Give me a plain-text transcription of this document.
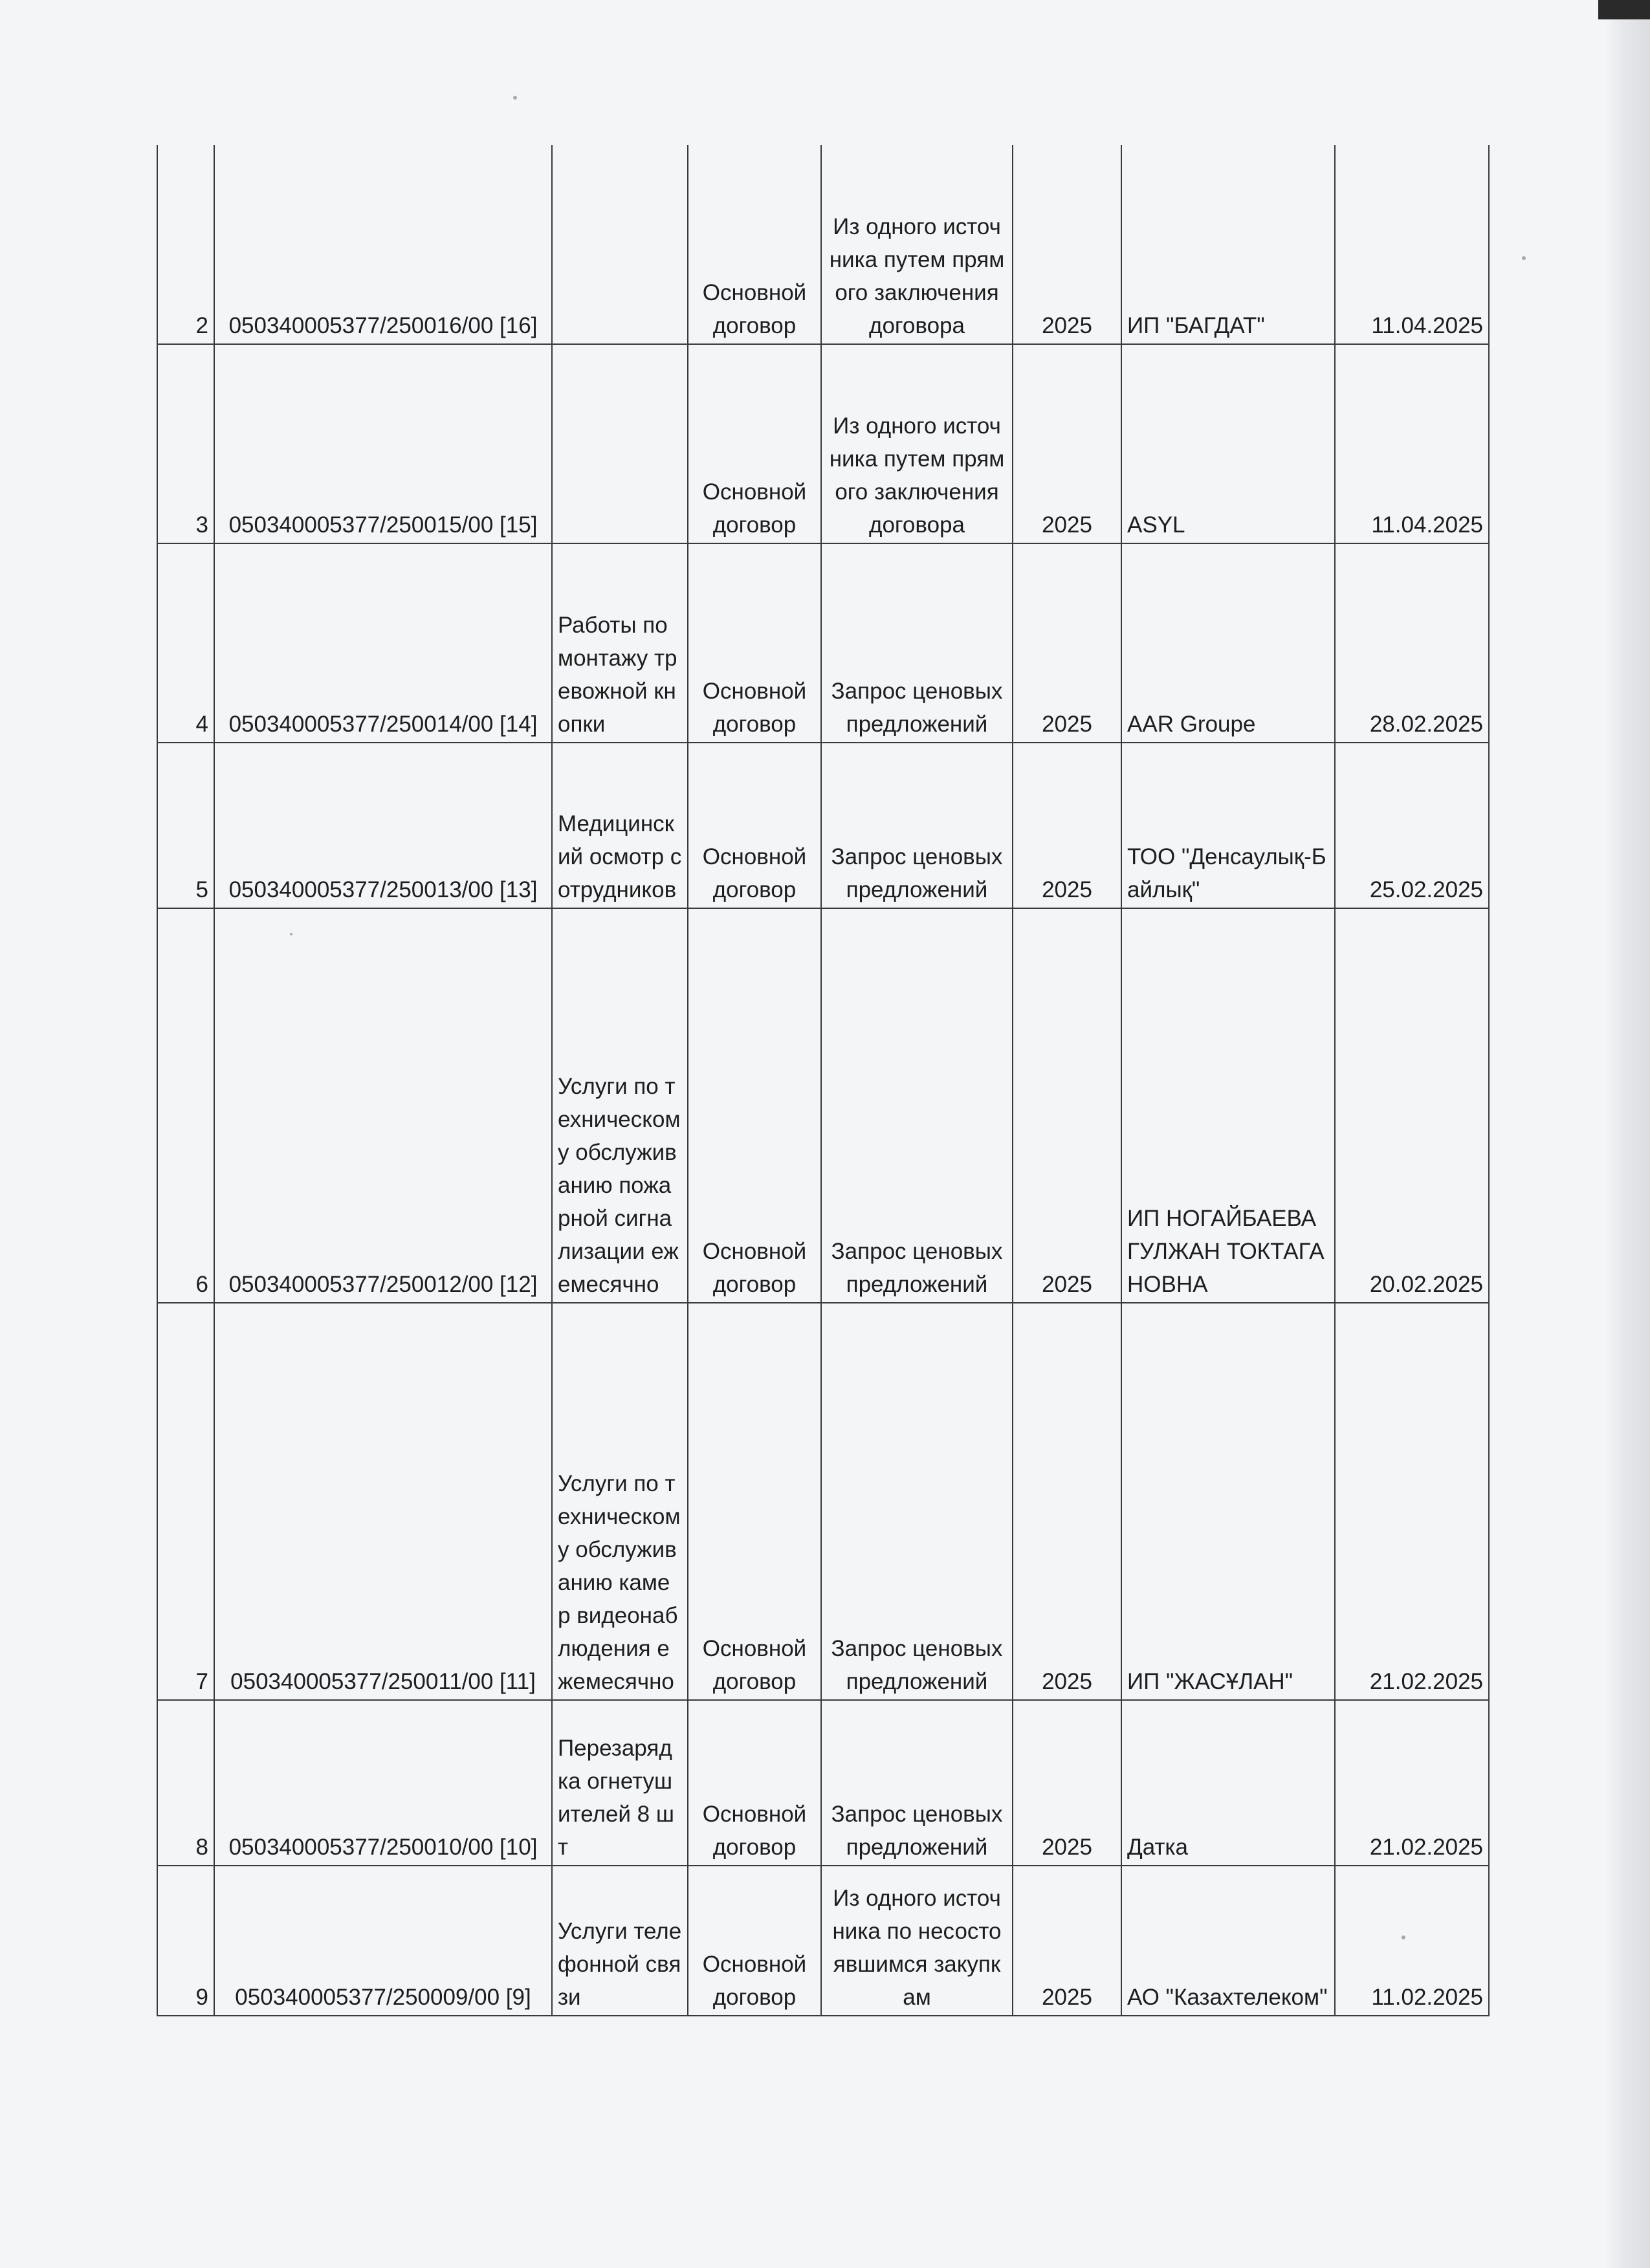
2	050340005377/250016/00 [16]		Основной договор	Из одного источника путем прямого заключения договора	2025	ИП "БАГДАТ"	11.04.2025
3	050340005377/250015/00 [15]		Основной договор	Из одного источника путем прямого заключения договора	2025	ASYL	11.04.2025
4	050340005377/250014/00 [14]	Работы по монтажу тревожной кнопки	Основной договор	Запрос ценовых предложений	2025	AAR Groupe	28.02.2025
5	050340005377/250013/00 [13]	Медицинский осмотр сотрудников	Основной договор	Запрос ценовых предложений	2025	ТОО "Денсаулық-Байлық"	25.02.2025
6	050340005377/250012/00 [12]	Услуги по техническому обслуживанию пожарной сигнализации ежемесячно	Основной договор	Запрос ценовых предложений	2025	ИП НОГАЙБАЕВА ГУЛЖАН ТОКТАГАНОВНА	20.02.2025
7	050340005377/250011/00 [11]	Услуги по техническому обслуживанию камер видеонаблюдения ежемесячно	Основной договор	Запрос ценовых предложений	2025	ИП "ЖАСҰЛАН"	21.02.2025
8	050340005377/250010/00 [10]	Перезарядка огнетушителей 8 шт	Основной договор	Запрос ценовых предложений	2025	Датка	21.02.2025
9	050340005377/250009/00 [9]	Услуги телефонной связи	Основной договор	Из одного источника по несостоявшимся закупкам	2025	АО "Казахтелеком"	11.02.2025
